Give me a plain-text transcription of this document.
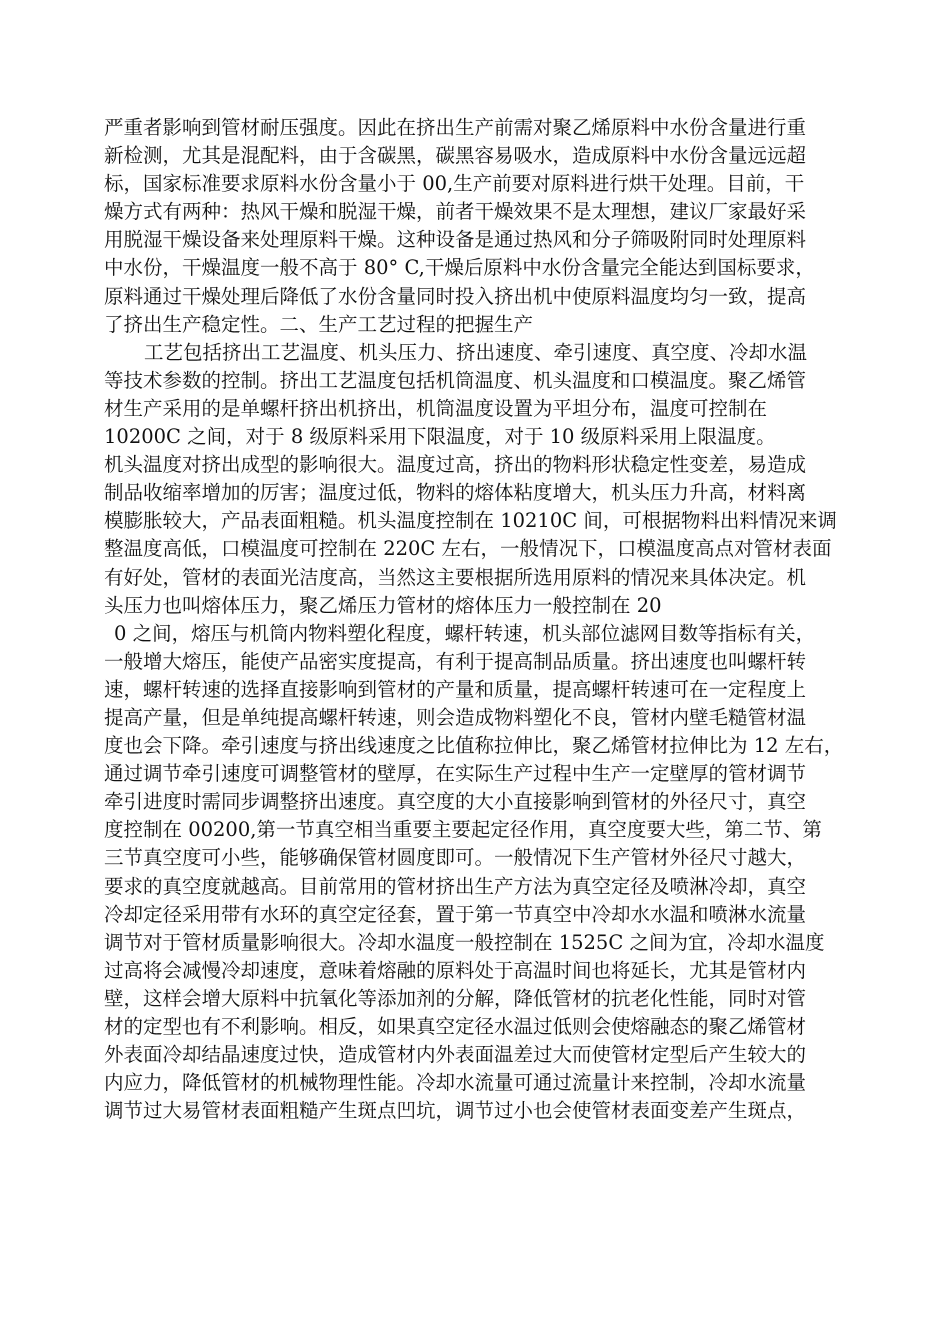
严重者影响到管材耐压强度。因此在挤出生产前需对聚乙烯原料中水份含量进行重
新检测，尤其是混配料，由于含碳黑，碳黑容易吸水，造成原料中水份含量远远超
标，国家标准要求原料水份含量小于 00,生产前要对原料进行烘干处理。目前，干
燥方式有两种：热风干燥和脱湿干燥，前者干燥效果不是太理想，建议厂家最好采
用脱湿干燥设备来处理原料干燥。这种设备是通过热风和分子筛吸附同时处理原料
中水份，干燥温度一般不高于 80° C,干燥后原料中水份含量完全能达到国标要求，
原料通过干燥处理后降低了水份含量同时投入挤出机中使原料温度均匀一致，提高
了挤出生产稳定性。二、生产工艺过程的把握生产
工艺包括挤出工艺温度、机头压力、挤出速度、牵引速度、真空度、冷却水温
等技术参数的控制。挤出工艺温度包括机筒温度、机头温度和口模温度。聚乙烯管
材生产采用的是单螺杆挤出机挤出，机筒温度设置为平坦分布，温度可控制在
10200C 之间，对于 8 级原料采用下限温度，对于 10 级原料采用上限温度。
机头温度对挤出成型的影响很大。温度过高，挤出的物料形状稳定性变差，易造成
制品收缩率增加的厉害；温度过低，物料的熔体粘度增大，机头压力升高，材料离
模膨胀较大，产品表面粗糙。机头温度控制在 10210C 间，可根据物料出料情况来调
整温度高低，口模温度可控制在 220C 左右，一般情况下，口模温度高点对管材表面
有好处，管材的表面光洁度高，当然这主要根据所选用原料的情况来具体决定。机
头压力也叫熔体压力，聚乙烯压力管材的熔体压力一般控制在 20
0 之间，熔压与机筒内物料塑化程度，螺杆转速，机头部位滤网目数等指标有关，
一般增大熔压，能使产品密实度提高，有利于提高制品质量。挤出速度也叫螺杆转
速，螺杆转速的选择直接影响到管材的产量和质量，提高螺杆转速可在一定程度上
提高产量，但是单纯提高螺杆转速，则会造成物料塑化不良，管材内壁毛糙管材温
度也会下降。牵引速度与挤出线速度之比值称拉伸比，聚乙烯管材拉伸比为 12 左右，
通过调节牵引速度可调整管材的壁厚，在实际生产过程中生产一定壁厚的管材调节
牵引进度时需同步调整挤出速度。真空度的大小直接影响到管材的外径尺寸，真空
度控制在 00200,第一节真空相当重要主要起定径作用，真空度要大些，第二节、第
三节真空度可小些，能够确保管材圆度即可。一般情况下生产管材外径尺寸越大，
要求的真空度就越高。目前常用的管材挤出生产方法为真空定径及喷淋冷却，真空
冷却定径采用带有水环的真空定径套，置于第一节真空中冷却水水温和喷淋水流量
调节对于管材质量影响很大。冷却水温度一般控制在 1525C 之间为宜，冷却水温度
过高将会减慢冷却速度，意味着熔融的原料处于高温时间也将延长，尤其是管材内
壁，这样会增大原料中抗氧化等添加剂的分解，降低管材的抗老化性能，同时对管
材的定型也有不利影响。相反，如果真空定径水温过低则会使熔融态的聚乙烯管材
外表面冷却结晶速度过快，造成管材内外表面温差过大而使管材定型后产生较大的
内应力，降低管材的机械物理性能。冷却水流量可通过流量计来控制，冷却水流量
调节过大易管材表面粗糙产生斑点凹坑，调节过小也会使管材表面变差产生斑点，
